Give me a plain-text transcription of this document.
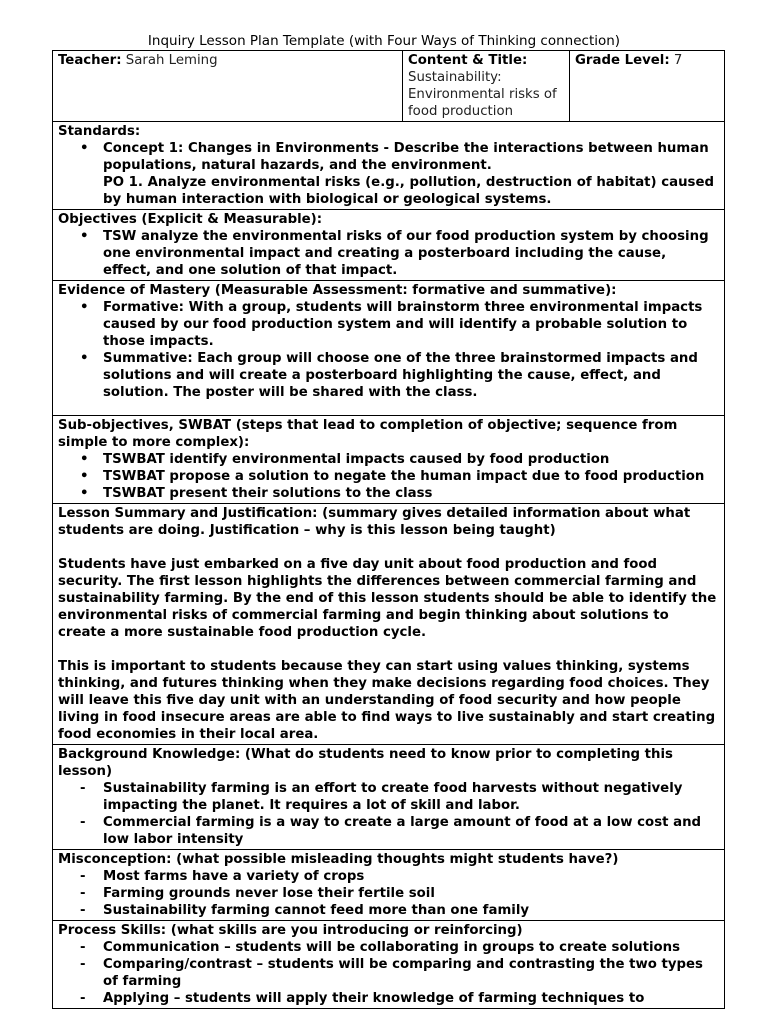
Inquiry Lesson Plan Template (with Four Ways of Thinking connection)
Teacher: Sarah Leming	Content & Title:
Sustainability: Environmental risks of food production
	Grade Level: 7

Standards:
• Concept 1: Changes in Environments - Describe the interactions between human populations, natural hazards, and the environment.
PO 1. Analyze environmental risks (e.g., pollution, destruction of habitat) caused by human interaction with biological or geological systems.

Objectives (Explicit & Measurable):
• TSW analyze the environmental risks of our food production system by choosing one environmental impact and creating a posterboard including the cause, effect, and one solution of that impact.

Evidence of Mastery (Measurable Assessment: formative and summative):
• Formative: With a group, students will brainstorm three environmental impacts caused by our food production system and will identify a probable solution to those impacts.
• Summative: Each group will choose one of the three brainstormed impacts and solutions and will create a posterboard highlighting the cause, effect, and solution. The poster will be shared with the class.

Sub-objectives, SWBAT (steps that lead to completion of objective; sequence from simple to more complex):
• TSWBAT identify environmental impacts caused by food production
• TSWBAT propose a solution to negate the human impact due to food production
• TSWBAT present their solutions to the class

Lesson Summary and Justification: (summary gives detailed information about what students are doing. Justification – why is this lesson being taught)

Students have just embarked on a five day unit about food production and food security. The first lesson highlights the differences between commercial farming and sustainability farming. By the end of this lesson students should be able to identify the environmental risks of commercial farming and begin thinking about solutions to create a more sustainable food production cycle.

This is important to students because they can start using values thinking, systems thinking, and futures thinking when they make decisions regarding food choices. They will leave this five day unit with an understanding of food security and how people living in food insecure areas are able to find ways to live sustainably and start creating food economies in their local area.

Background Knowledge: (What do students need to know prior to completing this lesson)
- Sustainability farming is an effort to create food harvests without negatively impacting the planet. It requires a lot of skill and labor.
- Commercial farming is a way to create a large amount of food at a low cost and low labor intensity

Misconception: (what possible misleading thoughts might students have?)
- Most farms have a variety of crops
- Farming grounds never lose their fertile soil
- Sustainability farming cannot feed more than one family

Process Skills: (what skills are you introducing or reinforcing)
- Communication – students will be collaborating in groups to create solutions
- Comparing/contrast – students will be comparing and contrasting the two types of farming
- Applying – students will apply their knowledge of farming techniques to
